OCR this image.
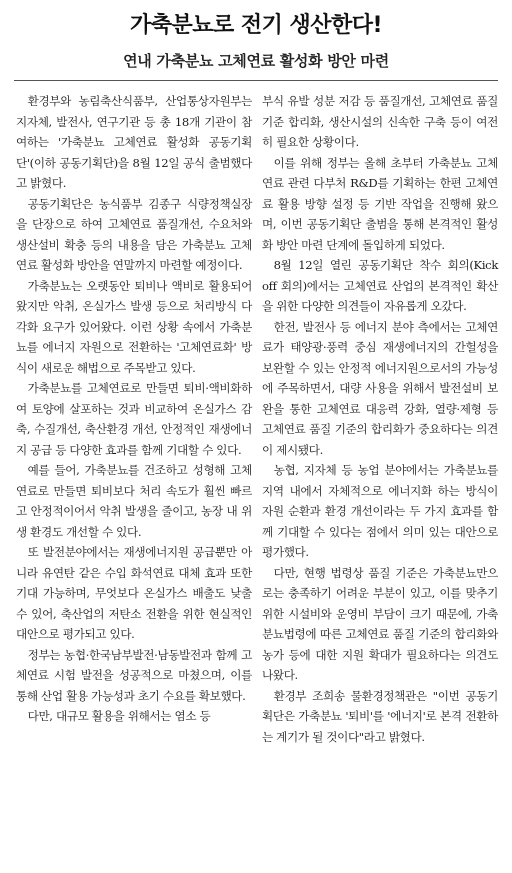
가축분뇨로 전기 생산한다!
연내 가축분뇨 고체연료 활성화 방안 마련

환경부와 농림축산식품부, 산업통상자원부는 지자체, 발전사, 연구기관 등 총 18개 기관이 참여하는 '가축분뇨 고체연료 활성화 공동기획단'(이하 공동기획단)을 8월 12일 공식 출범했다고 밝혔다.

공동기획단은 농식품부 김종구 식량정책실장을 단장으로 하여 고체연료 품질개선, 수요처와 생산설비 확충 등의 내용을 담은 가축분뇨 고체연료 활성화 방안을 연말까지 마련할 예정이다.

가축분뇨는 오랫동안 퇴비나 액비로 활용되어 왔지만 악취, 온실가스 발생 등으로 처리방식 다각화 요구가 있어왔다. 이런 상황 속에서 가축분뇨를 에너지 자원으로 전환하는 '고체연료화' 방식이 새로운 해법으로 주목받고 있다.

가축분뇨를 고체연료로 만들면 퇴비·액비화하여 토양에 살포하는 것과 비교하여 온실가스 감축, 수질개선, 축산환경 개선, 안정적인 재생에너지 공급 등 다양한 효과를 함께 기대할 수 있다.

예를 들어, 가축분뇨를 건조하고 성형해 고체연료로 만들면 퇴비보다 처리 속도가 훨씬 빠르고 안정적이어서 악취 발생을 줄이고, 농장 내 위생 환경도 개선할 수 있다.

또 발전분야에서는 재생에너지원 공급뿐만 아니라 유연탄 같은 수입 화석연료 대체 효과 또한 기대 가능하며, 무엇보다 온실가스 배출도 낮출 수 있어, 축산업의 저탄소 전환을 위한 현실적인 대안으로 평가되고 있다.

정부는 농협·한국남부발전·남동발전과 함께 고체연료 시험 발전을 성공적으로 마쳤으며, 이를 통해 산업 활용 가능성과 초기 수요를 확보했다.

다만, 대규모 활용을 위해서는 염소 등

부식 유발 성분 저감 등 품질개선, 고체연료 품질 기준 합리화, 생산시설의 신속한 구축 등이 여전히 필요한 상황이다.

이를 위해 정부는 올해 초부터 가축분뇨 고체연료 관련 다부처 R&D를 기획하는 한편 고체연료 활용 방향 설정 등 기반 작업을 진행해 왔으며, 이번 공동기획단 출범을 통해 본격적인 활성화 방안 마련 단계에 돌입하게 되었다.

8월 12일 열린 공동기획단 착수 회의(Kick off 회의)에서는 고체연료 산업의 본격적인 확산을 위한 다양한 의견들이 자유롭게 오갔다.

한전, 발전사 등 에너지 분야 측에서는 고체연료가 태양광·풍력 중심 재생에너지의 간헐성을 보완할 수 있는 안정적 에너지원으로서의 가능성에 주목하면서, 대량 사용을 위해서 발전설비 보완을 통한 고체연료 대응력 강화, 열량·제형 등 고체연료 품질 기준의 합리화가 중요하다는 의견이 제시됐다.

농협, 지자체 등 농업 분야에서는 가축분뇨를 지역 내에서 자체적으로 에너지화 하는 방식이 자원 순환과 환경 개선이라는 두 가지 효과를 함께 기대할 수 있다는 점에서 의미 있는 대안으로 평가했다.

다만, 현행 법령상 품질 기준은 가축분뇨만으로는 충족하기 어려운 부분이 있고, 이를 맞추기 위한 시설비와 운영비 부담이 크기 때문에, 가축분뇨법령에 따른 고체연료 품질 기준의 합리화와 농가 등에 대한 지원 확대가 필요하다는 의견도 나왔다.

환경부 조희송 물환경정책관은 "이번 공동기획단은 가축분뇨 '퇴비'를 '에너지'로 본격 전환하는 계기가 될 것이다"라고 밝혔다.
